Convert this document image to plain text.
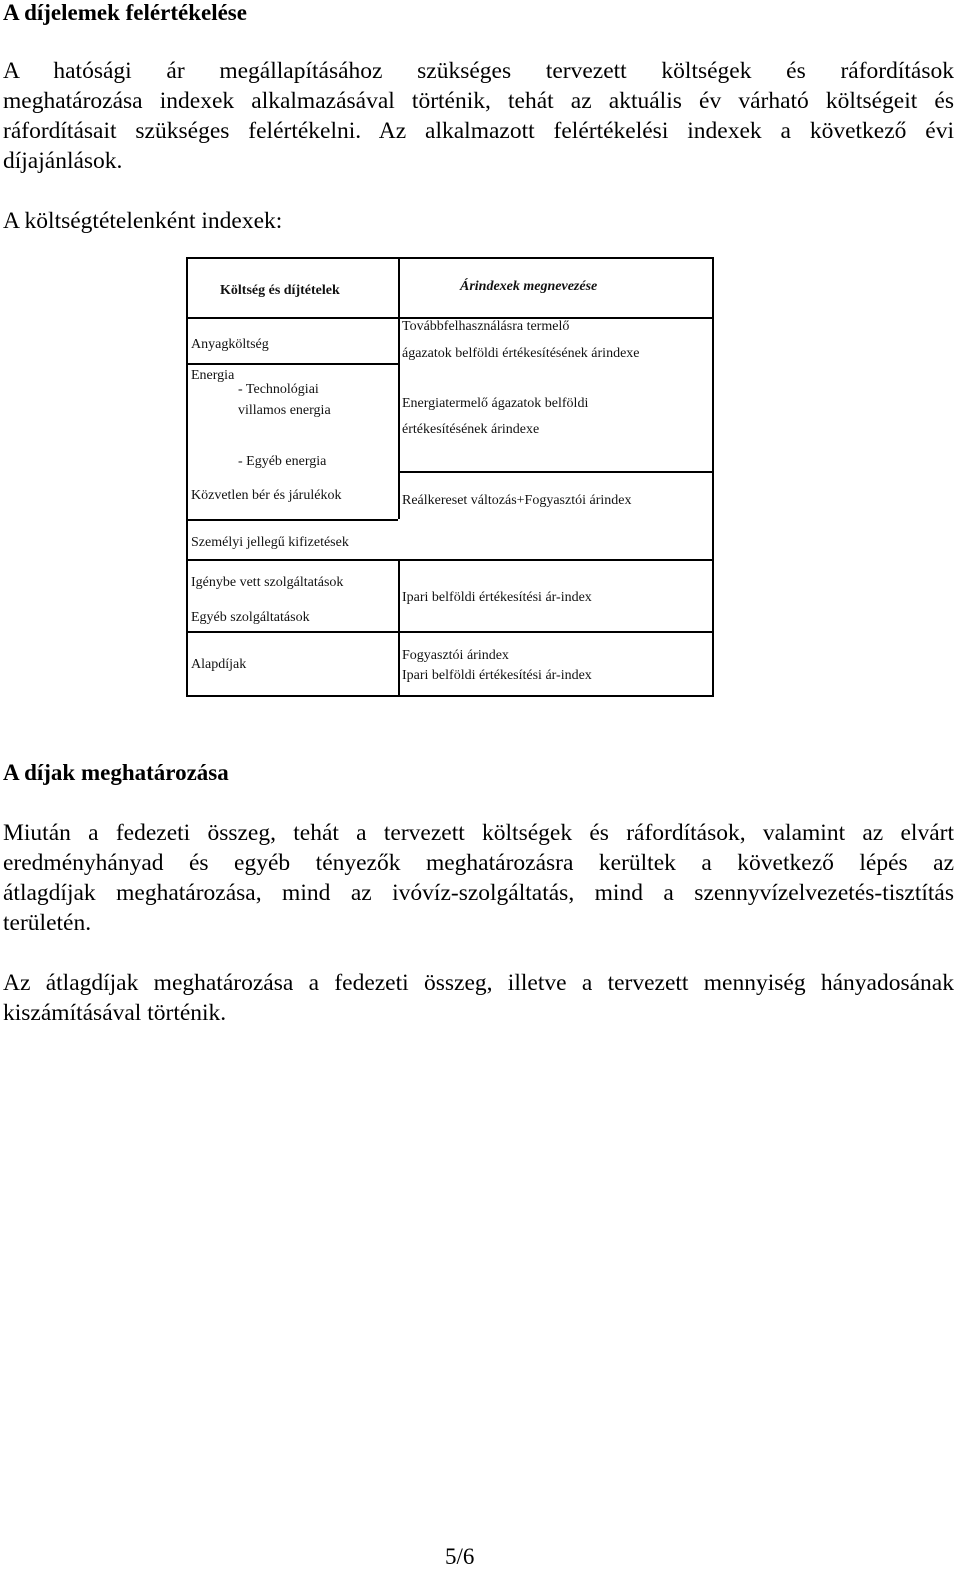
A díjelemek felértékelése
A hatósági ár megállapításához szükséges tervezett költségek és ráfordítások
meghatározása indexek alkalmazásával történik, tehát az aktuális év várható költségeit és
ráfordításait szükséges felértékelni. Az alkalmazott felértékelési indexek a következő évi
díjajánlások.
A költségtételenként indexek:
Költség és díjtételek	Árindexek megnevezése
Anyagköltség
Energia
- Technológiai
villamos energia
- Egyéb energia
Közvetlen bér és járulékok
Személyi jellegű kifizetések
Igénybe vett szolgáltatások
Egyéb szolgáltatások
Alapdíjak
Továbbfelhasználásra termelő
ágazatok belföldi értékesítésének árindexe
Energiatermelő ágazatok belföldi
értékesítésének árindexe
Reálkereset változás+Fogyasztói árindex
Ipari belföldi értékesítési ár-index
Fogyasztói árindex
Ipari belföldi értékesítési ár-index
A díjak meghatározása
Miután a fedezeti összeg, tehát a tervezett költségek és ráfordítások, valamint az elvárt
eredményhányad és egyéb tényezők meghatározásra kerültek a következő lépés az
átlagdíjak meghatározása, mind az ivóvíz-szolgáltatás, mind a szennyvízelvezetés-tisztítás
területén.
Az átlagdíjak meghatározása a fedezeti összeg, illetve a tervezett mennyiség hányadosának
kiszámításával történik.
5/6
